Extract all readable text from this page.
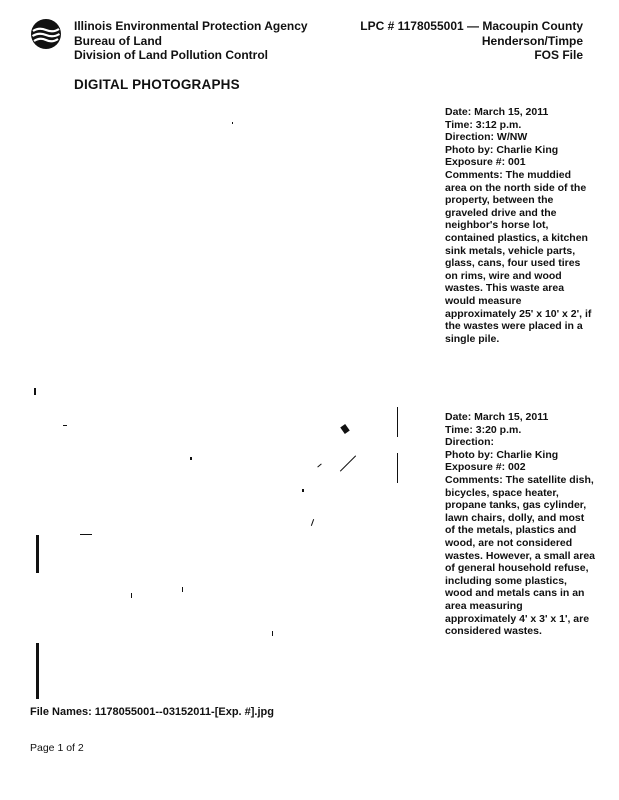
Illinois Environmental Protection Agency
Bureau of Land
Division of Land Pollution Control
LPC # 1178055001 — Macoupin County
Henderson/Timpe
FOS File
DIGITAL PHOTOGRAPHS
Date: March 15, 2011
Time: 3:12 p.m.
Direction: W/NW
Photo by: Charlie King
Exposure #: 001
Comments: The muddied area on the north side of the property, between the graveled drive and the neighbor's horse lot, contained plastics, a kitchen sink metals, vehicle parts, glass, cans, four used tires on rims, wire and wood wastes. This waste area would measure approximately 25' x 10' x 2', if the wastes were placed in a single pile.
Date: March 15, 2011
Time: 3:20 p.m.
Direction:
Photo by: Charlie King
Exposure #: 002
Comments: The satellite dish, bicycles, space heater, propane tanks, gas cylinder, lawn chairs, dolly, and most of the metals, plastics and wood, are not considered wastes. However, a small area of general household refuse, including some plastics, wood and metals cans in an area measuring approximately 4' x 3' x 1', are considered wastes.
File Names: 1178055001--03152011-[Exp. #].jpg
Page 1 of 2
